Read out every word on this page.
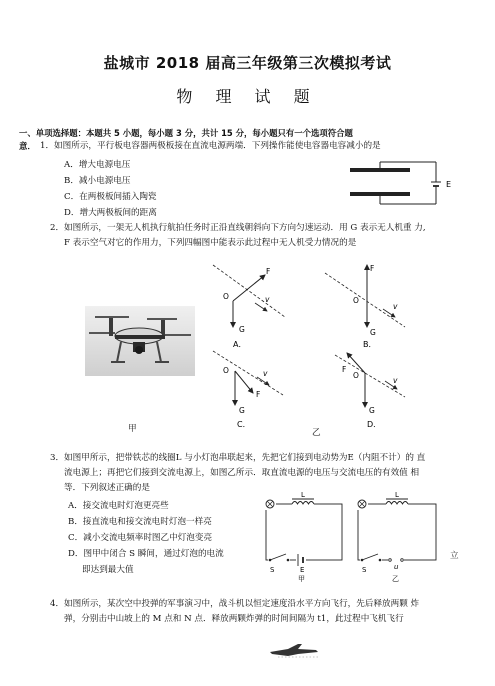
盐城市 2018 届高三年级第三次模拟考试
物 理 试 题
一、单项选择题：本题共 5 小题，每小题 3 分，共计 15 分，每小题只有一个选项符合题
意． 1．如图所示，平行板电容器两极板接在直流电源两端．下列操作能使电容器电容减小的是
A．增大电源电压
B．减小电源电压
C．在两极板间插入陶瓷
D．增大两极板间的距离
E
2．如图所示，一架无人机执行航拍任务时正沿直线朝斜向下方向匀速运动．用 G 表示无人机重 力,
F 表示空气对它的作用力，下列四幅图中能表示此过程中无人机受力情况的是
甲
O
F
v
G
A．
O
F
v
G
B．
O
F
v
G
C．
F
O
v
G
D．
乙
3．如图甲所示，把带铁芯的线圈L 与小灯泡串联起来，先把它们接到电动势为E（内阻不计）的 直
流电源上；再把它们接到交流电源上，如图乙所示．取直流电源的电压与交流电压的有效值 相
等．下列叙述正确的是
A．接交流电时灯泡更亮些
B．接直流电和接交流电时灯泡一样亮
C．减小交流电频率时图乙中灯泡变亮
D．图甲中闭合 S 瞬间，通过灯泡的电流
即达到最大值
立
L
S	E
甲
L
S	u
乙
4．如图所示，某次空中投弹的军事演习中，战斗机以恒定速度沿水平方向飞行，先后释放两颗 炸
弹，分别击中山坡上的 M 点和 N 点．释放两颗炸弹的时间间隔为 t1，此过程中飞机飞行
